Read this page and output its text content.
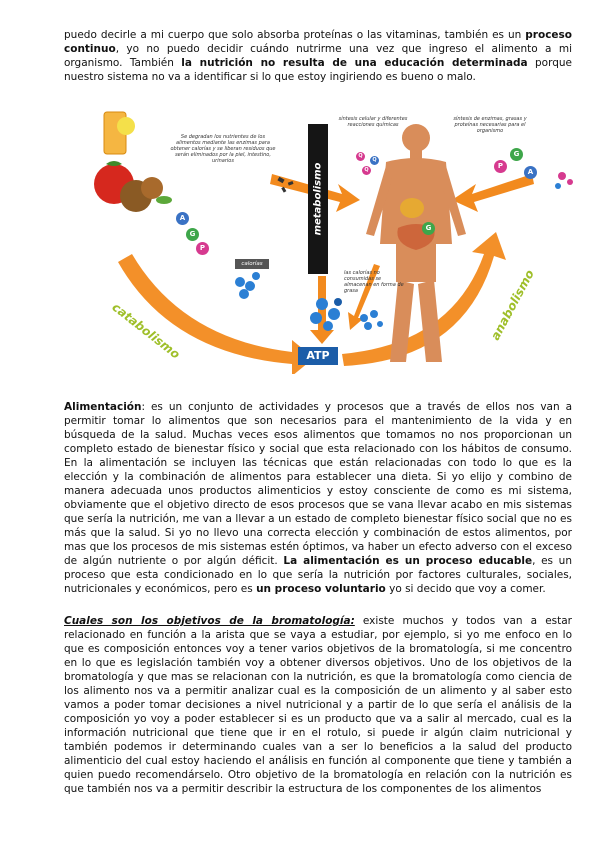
puedo decirle a mi cuerpo que solo absorba proteínas o las vitaminas, también es un proceso continuo, yo no puedo decidir cuándo nutrirme una vez que ingreso el alimento a mi organismo. También la nutrición no resulta de una educación determinada porque nuestro sistema no va a identificar si lo que estoy ingiriendo es bueno o malo.

A
G
P
Q
Q
Q	P
G
A
G
Se degradan los nutrientes de los alimentos mediante las enzimas para obtener calorías y se liberan residuos que serán eliminados por la piel, intestino, urinarios
síntesis celular y diferentes reacciones químicas
síntesis de enzimas, grasas y proteínas necesarias para el organismo
las calorías no consumidas se almacenan en forma de grasa
calorías
metabolismo
ATP
catabolismo	anabolismo

Alimentación: es un conjunto de actividades y procesos que a través de ellos nos van a permitir tomar lo alimentos que son necesarios para el mantenimiento de la vida y en búsqueda de la salud. Muchas veces esos alimentos que tomamos no nos proporcionan un completo estado de bienestar físico y social que esta relacionado con los hábitos de consumo. En la alimentación se incluyen las técnicas que están relacionadas con todo lo que es la elección y la combinación de alimentos para establecer una dieta. Si yo elijo y combino de manera adecuada unos productos alimenticios y estoy consciente de como es mi sistema, obviamente que el objetivo directo de esos procesos que se vana llevar acabo en mis sistemas que sería la nutrición, me van a llevar a un estado de completo bienestar físico social que no es más que la salud. Si yo no llevo una correcta elección y combinación de estos alimentos, por mas que los procesos de mis sistemas estén óptimos, va haber un efecto adverso con el exceso de algún nutriente o por algún déficit. La alimentación es un proceso educable, es un proceso que esta condicionado en lo que sería la nutrición por factores culturales, sociales, nutricionales y económicos, pero es un proceso voluntario yo si decido que voy a comer.

Cuales son los objetivos de la bromatología: existe muchos y todos van a estar relacionado en función a la arista que se vaya a estudiar, por ejemplo, si yo me enfoco en lo que es composición entonces voy a tener varios objetivos de la bromatología, si me concentro en lo que es legislación también voy a obtener diversos objetivos. Uno de los objetivos de la bromatología y que mas se relacionan con la nutrición, es que la bromatología como ciencia de los alimento nos va a permitir analizar cual es la composición de un alimento y al saber esto vamos a poder tomar decisiones a nivel nutricional y a partir de lo que sería el análisis de la composición yo voy a poder establecer si es un producto que va a salir al mercado, cual es la información nutricional que tiene que ir en el rotulo, si puede ir algún claim nutricional y también podemos ir determinando cuales van a ser lo beneficios a la salud del producto alimenticio del cual estoy haciendo el análisis en función al componente que tiene y también a quien puedo recomendárselo. Otro objetivo de la bromatología en relación con la nutrición es que también nos va a permitir describir la estructura de los componentes de los alimentos
